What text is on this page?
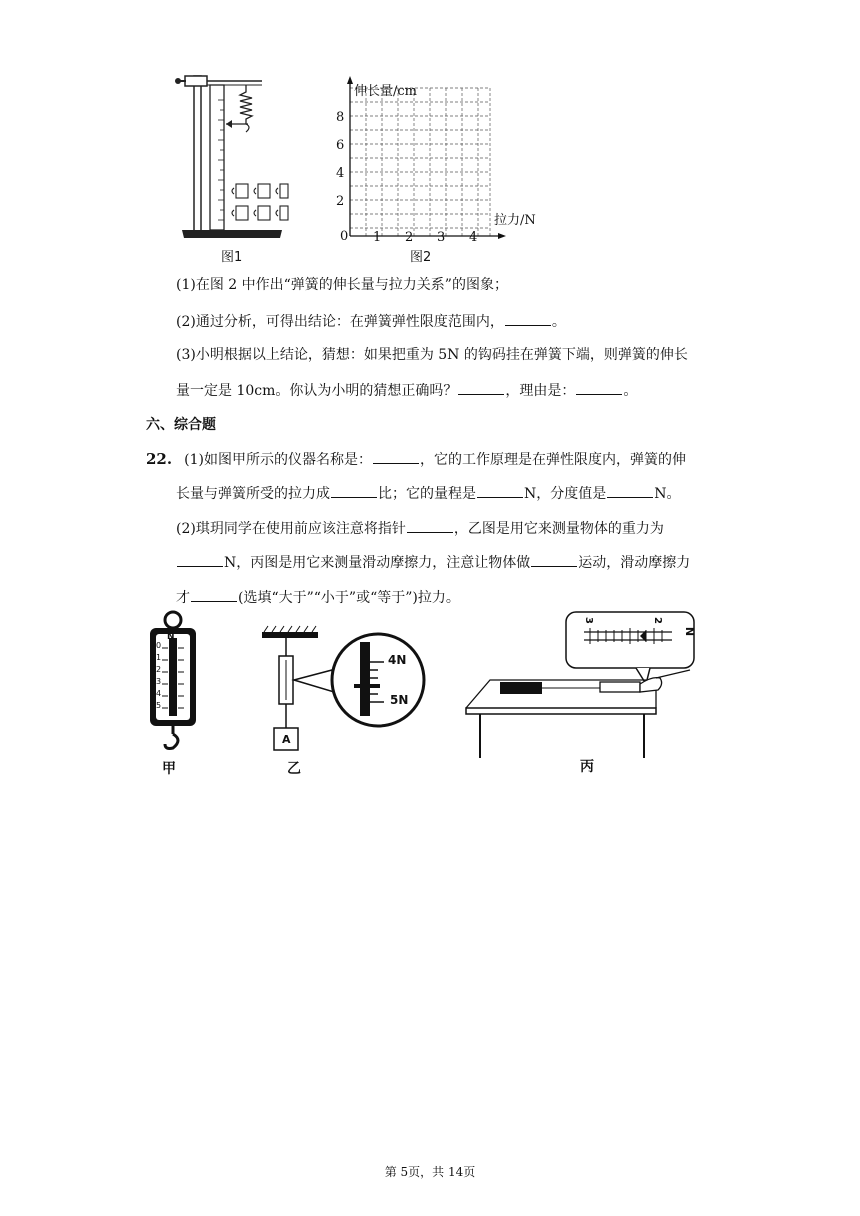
图1
伸长量/cm
拉力/N
0 1 2 3 4
2
4
6
8
图2
(1)在图 2 中作出“弹簧的伸长量与拉力关系”的图象；
(2)通过分析，可得出结论：在弹簧弹性限度范围内，	。
(3)小明根据以上结论，猜想：如果把重为 5N 的钩码挂在弹簧下端，则弹簧的伸长
量一定是 10cm。你认为小明的猜想正确吗？	，理由是：	。
六、综合题
22. (1)如图甲所示的仪器名称是：	，它的工作原理是在弹性限度内，弹簧的伸
长量与弹簧所受的拉力成	比；它的量程是	N，分度值是	N。
(2)琪玥同学在使用前应该注意将指针	，乙图是用它来测量物体的重力为
N，丙图是用它来测量滑动摩擦力，注意让物体做	运动，滑动摩擦力
才	(选填“大于”“小于”或“等于”)拉力。
N
0
1
2
3
4
5
甲
A
4N
5N
乙
3	2
N
丙
第 5页，共 14页
